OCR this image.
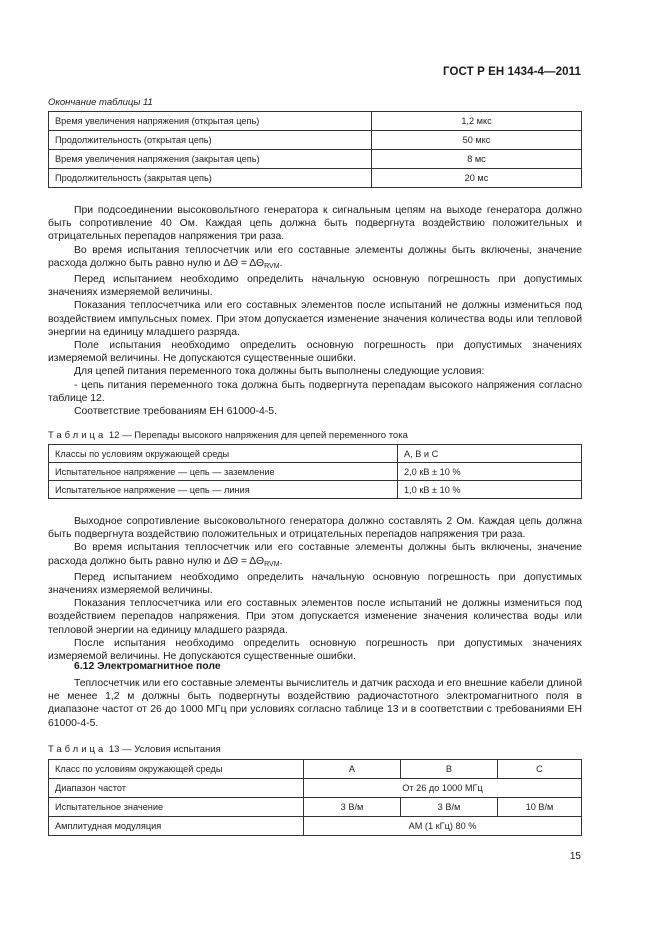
ГОСТ Р ЕН 1434-4—2011
Окончание таблицы 11
Время увеличения напряжения (открытая цепь)	1,2 мкс
Продолжительность (открытая цепь)	50 мкс
Время увеличения напряжения (закрытая цепь)	8 мс
Продолжительность (закрытая цепь)	20 мс

При подсоединении высоковольтного генератора к сигнальным цепям на выходе генератора должно быть сопротивление 40 Ом. Каждая цепь должна быть подвергнута воздействию положительных и отрицательных перепадов напряжения три раза.

Во время испытания теплосчетчик или его составные элементы должны быть включены, значение расхода должно быть равно нулю и $\Delta\Theta = \Delta\Theta_{RVM}$.

Перед испытанием необходимо определить начальную основную погрешность при допустимых значениях измеряемой величины.

Показания теплосчетчика или его составных элементов после испытаний не должны измениться под воздействием импульсных помех. При этом допускается изменение значения количества воды или тепловой энергии на единицу младшего разряда.

Поле испытания необходимо определить основную погрешность при допустимых значениях измеряемой величины. Не допускаются существенные ошибки.

Для цепей питания переменного тока должны быть выполнены следующие условия:

- цепь питания переменного тока должна быть подвергнута перепадам высокого напряжения согласно таблице 12.

Соответствие требованиям ЕН 61000-4-5.

Таблица 12 — Перепады высокого напряжения для цепей переменного тока
Классы по условиям окружающей среды	А, В и С
Испытательное напряжение — цепь — заземление	2,0 кВ ± 10 %
Испытательное напряжение — цепь — линия	1,0 кВ ± 10 %

Выходное сопротивление высоковольтного генератора должно составлять 2 Ом. Каждая цепь должна быть подвергнута воздействию положительных и отрицательных перепадов напряжения три раза.

Во время испытания теплосчетчик или его составные элементы должны быть включены, значение расхода должно быть равно нулю и $\Delta\Theta = \Delta\Theta_{RVM}$.

Перед испытанием необходимо определить начальную основную погрешность при допустимых значениях измеряемой величины.

Показания теплосчетчика или его составных элементов после испытаний не должны измениться под воздействием перепадов напряжения. При этом допускается изменение значения количества воды или тепловой энергии на единицу младшего разряда.

После испытания необходимо определить основную погрешность при допустимых значениях измеряемой величины. Не допускаются существенные ошибки.

6.12 Электромагнитное поле

Теплосчетчик или его составные элементы вычислитель и датчик расхода и его внешние кабели длиной не менее 1,2 м должны быть подвергнуты воздействию радиочастотного электромагнитного поля в диапазоне частот от 26 до 1000 МГц при условиях согласно таблице 13 и в соответствии с требованиями ЕН 61000-4-5.

Таблица 13 — Условия испытания
Класс по условиям окружающей среды	А	В	С
Диапазон частот	От 26 до 1000 МГц		
Испытательное значение	3 В/м	3 В/м	10 В/м
Амплитудная модуляция	АМ (1 кГц) 80 %		
15
